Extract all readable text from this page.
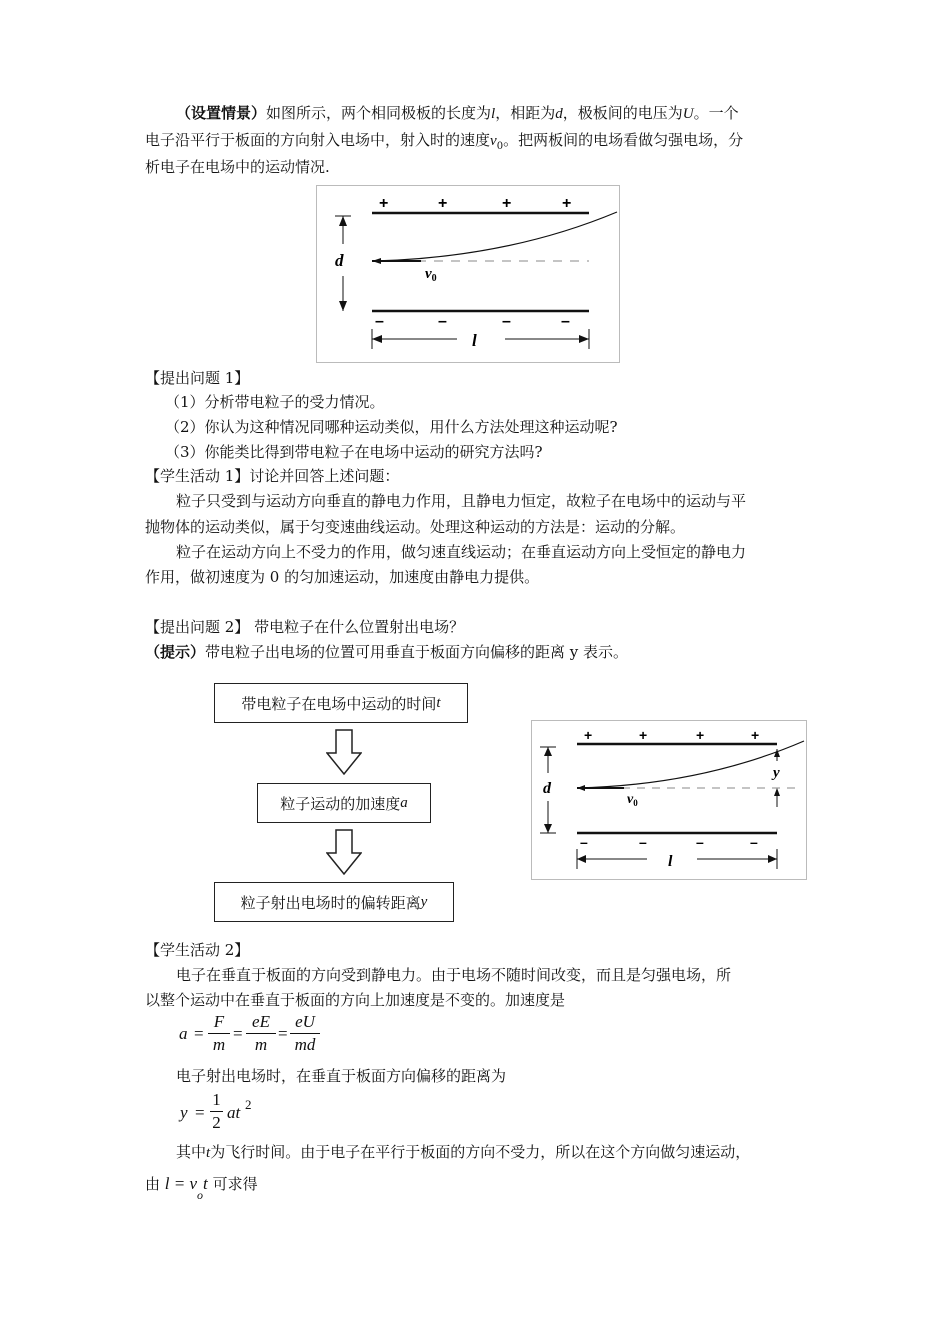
（设置情景）如图所示，两个相同极板的长度为l，相距为d，极板间的电压为U。一个
电子沿平行于板面的方向射入电场中，射入时的速度$v_0$。把两板间的电场看做匀强电场，分
析电子在电场中的运动情况.
+	+	+	+
–	–	–	–
d
$v_0$
l
【提出问题 1】
（1）分析带电粒子的受力情况。
（2）你认为这种情况同哪种运动类似，用什么方法处理这种运动呢?
（3）你能类比得到带电粒子在电场中运动的研究方法吗?
【学生活动 1】讨论并回答上述问题：
粒子只受到与运动方向垂直的静电力作用，且静电力恒定，故粒子在电场中的运动与平
抛物体的运动类似，属于匀变速曲线运动。处理这种运动的方法是：运动的分解。
粒子在运动方向上不受力的作用，做匀速直线运动；在垂直运动方向上受恒定的静电力
作用，做初速度为 0 的匀加速运动，加速度由静电力提供。
【提出问题 2】 带电粒子在什么位置射出电场？
（提示）带电粒子出电场的位置可用垂直于板面方向偏移的距离 y 表示。
带电粒子在电场中运动的时间 t
粒子运动的加速度 a
粒子射出电场时的偏转距离 y
+	+	+	+
–	–	–	–
d
$v_0$
y
l
【学生活动 2】
电子在垂直于板面的方向受到静电力。由于电场不随时间改变，而且是匀强电场，所
以整个运动中在垂直于板面的方向上加速度是不变的。加速度是
a =
F
m
=
eE
m
=
eU
md
电子射出电场时，在垂直于板面方向偏移的距离为
y =
1
2
at 2
其中t为飞行时间。由于电子在平行于板面的方向不受力，所以在这个方向做匀速运动，
由 $l = v_ot$ 可求得
